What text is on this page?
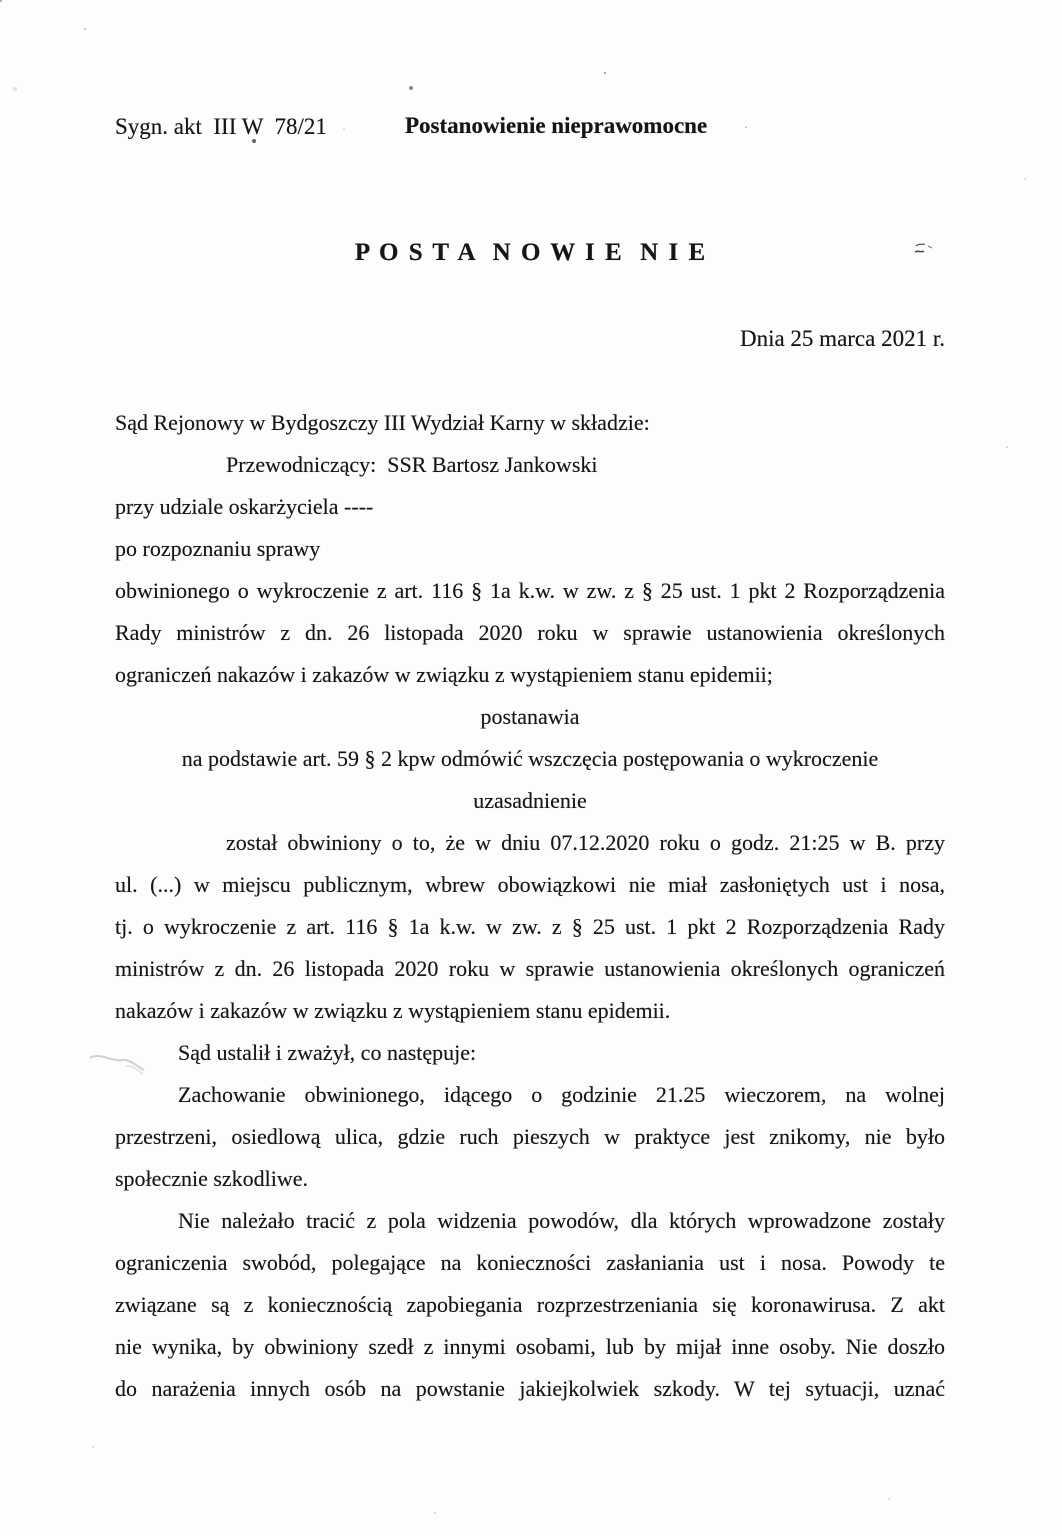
Sygn. akt  III W  78/21	Postanowienie nieprawomocne
P O S T A  N O W I E  N I E
Dnia 25 marca 2021 r.
Sąd Rejonowy w Bydgoszczy III Wydział Karny w składzie:
Przewodniczący:  SSR Bartosz Jankowski
przy udziale oskarżyciela ----
po rozpoznaniu sprawy
obwinionego o wykroczenie z art. 116 § 1a k.w. w zw. z § 25 ust. 1 pkt 2 Rozporządzenia
Rady ministrów z dn. 26 listopada 2020 roku w sprawie ustanowienia określonych
ograniczeń nakazów i zakazów w związku z wystąpieniem stanu epidemii;
postanawia
na podstawie art. 59 § 2 kpw odmówić wszczęcia postępowania o wykroczenie
uzasadnienie
został obwiniony o to, że w dniu 07.12.2020 roku o godz. 21:25 w B. przy
ul. (...) w miejscu publicznym, wbrew obowiązkowi nie miał zasłoniętych ust i nosa,
tj. o wykroczenie z art. 116 § 1a k.w. w zw. z § 25 ust. 1 pkt 2 Rozporządzenia Rady
ministrów z dn. 26 listopada 2020 roku w sprawie ustanowienia określonych ograniczeń
nakazów i zakazów w związku z wystąpieniem stanu epidemii.
Sąd ustalił i zważył, co następuje:
Zachowanie obwinionego, idącego o godzinie 21.25 wieczorem, na wolnej
przestrzeni, osiedlową ulica, gdzie ruch pieszych w praktyce jest znikomy, nie było
społecznie szkodliwe.
Nie należało tracić z pola widzenia powodów, dla których wprowadzone zostały
ograniczenia swobód, polegające na konieczności zasłaniania ust i nosa. Powody te
związane są z koniecznością zapobiegania rozprzestrzeniania się koronawirusa. Z akt
nie wynika, by obwiniony szedł z innymi osobami, lub by mijał inne osoby. Nie doszło
do narażenia innych osób na powstanie jakiejkolwiek szkody. W tej sytuacji, uznać
